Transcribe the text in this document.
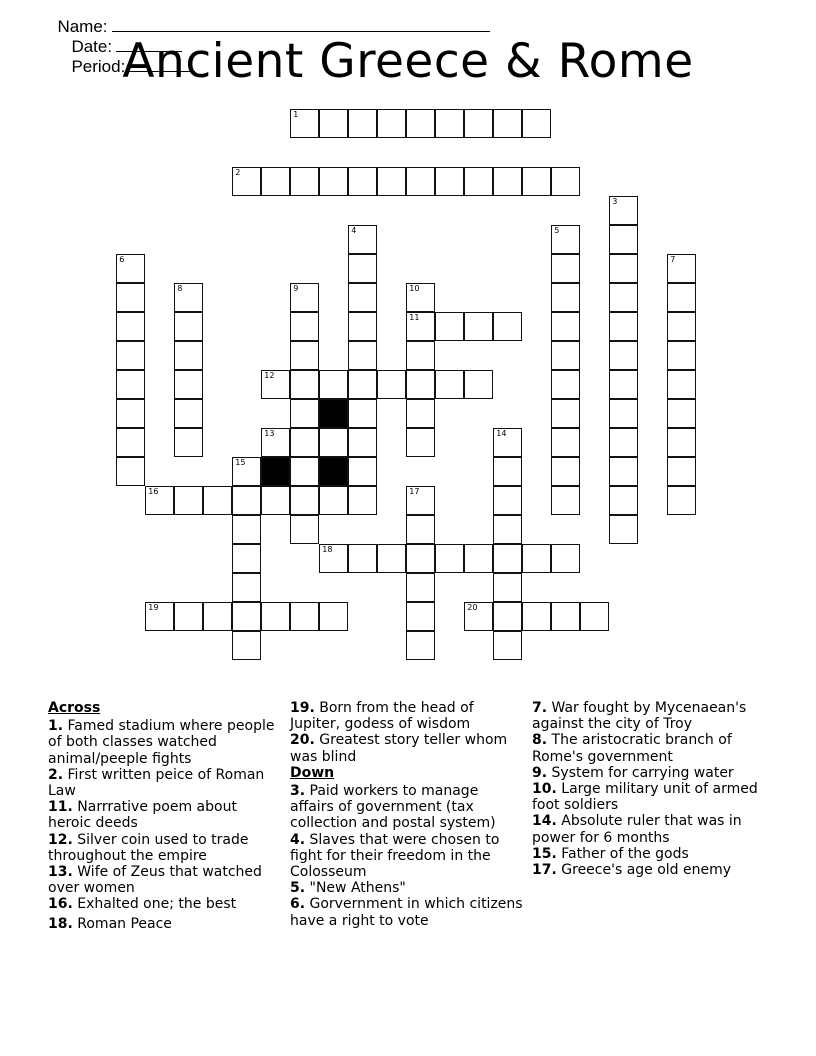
Name:
Date:
Period:

Ancient Greece & Rome
1
2
3
4	5
6	7
8	9	10
11
12
13	14
15
16	17
18
19	20
Across
1. Famed stadium where people of both classes watched animal/peeple fights
2. First written peice of Roman Law
11. Narrrative poem about heroic deeds
12. Silver coin used to trade throughout the empire
13. Wife of Zeus that watched over women
16. Exhalted one; the best
18. Roman Peace
19. Born from the head of Jupiter, godess of wisdom
20. Greatest story teller whom was blind
Down
3. Paid workers to manage affairs of government (tax collection and postal system)
4. Slaves that were chosen to fight for their freedom in the Colosseum
5. "New Athens"
6. Gorvernment in which citizens have a right to vote
7. War fought by Mycenaean's against the city of Troy
8. The aristocratic branch of Rome's government
9. System for carrying water
10. Large military unit of armed foot soldiers
14. Absolute ruler that was in power for 6 months
15. Father of the gods
17. Greece's age old enemy
